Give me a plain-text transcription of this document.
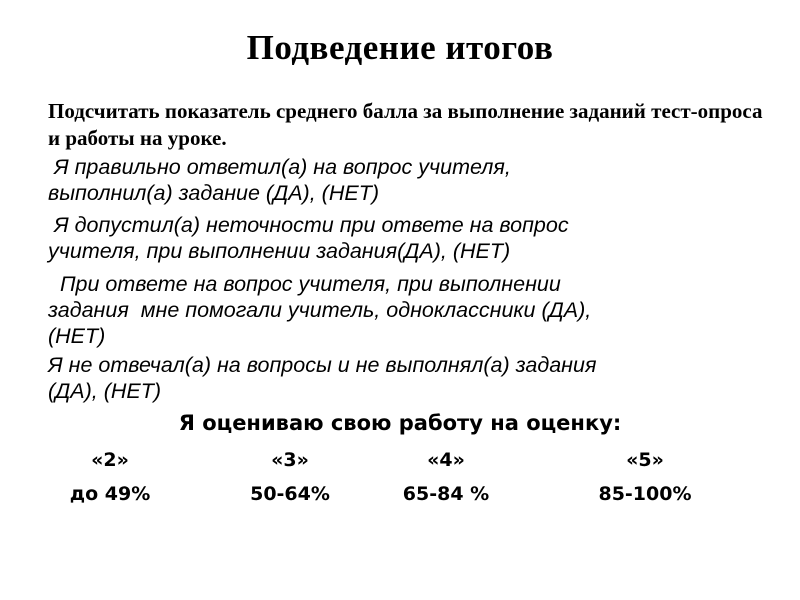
Подведение итогов
Подсчитать показатель среднего балла за выполнение заданий тест-опроса и работы на уроке.
Я правильно ответил(а) на вопрос учителя,
выполнил(а) задание (ДА), (НЕТ)
Я допустил(а) неточности при ответе на вопрос
учителя, при выполнении задания(ДА), (НЕТ)
При ответе на вопрос учителя, при выполнении
задания  мне помогали учитель, одноклассники (ДА),
(НЕТ)
Я не отвечал(а) на вопросы и не выполнял(а) задания
(ДА), (НЕТ)
Я оцениваю свою работу на оценку:
«2»	«3»	«4»	«5»
до 49%	50-64%	65-84 %	85-100%
